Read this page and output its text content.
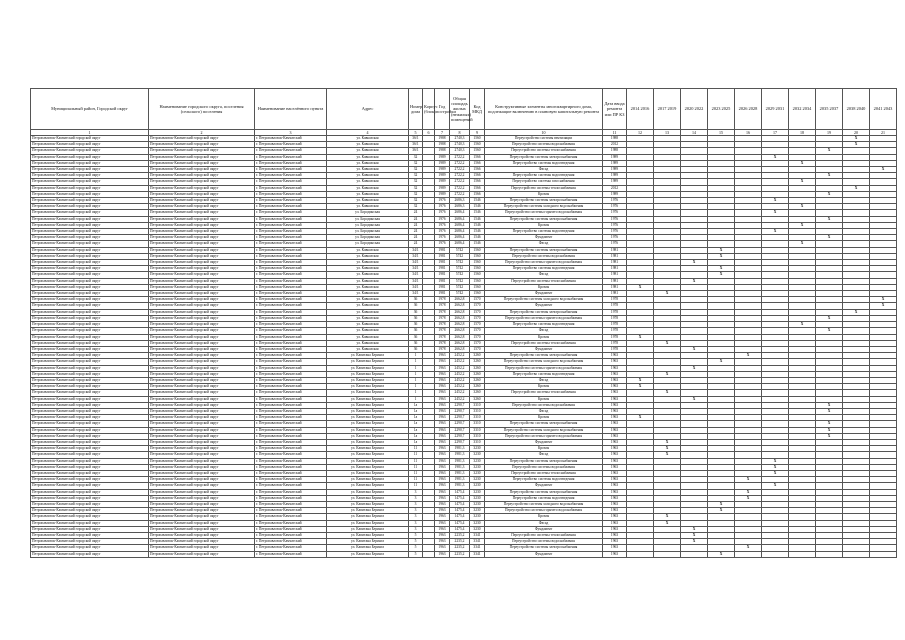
Муниципальный район, Городской округ	Наименование городского округа, поселения (сельского) поселения	Наименование населённого пункта	Адрес	Номер дома	Корпус (блок)	Год постройки	Общая площадь жилых (нежилых) помещений	Код МКД	Конструктивные элементы многоквартирного дома, подлежащие включению в плановую капитальную ремонта	Дата ввода ремонта или ПР КЗ	2014 2016	2017 2019	2020 2022	2023 2025	2026 2028	2029 2031	2032 2034	2035 2037	2038 2040	2041 2043
1	2	3	4	5	6	7	8	9	10	11	12	13	14	15	16	17	18	19	20	21
Петропавловск-Камчатский городской округ	Петропавловск-Камчатский городской округ	г. Петропавловск-Камчатский	ул. Кавказская	36/1		1988	2740,3	1560	Переустройство системы вентиляции	1988									X	
Петропавловск-Камчатский городской округ	Петропавловск-Камчатский городской округ	г. Петропавловск-Камчатский	ул. Кавказская	36/1		1988	2740,3	1560	Переустройство системы водоснабжения	2012									X	
Петропавловск-Камчатский городской округ	Петропавловск-Камчатский городской округ	г. Петропавловск-Камчатский	ул. Кавказская	36/1		1988	2740,3	1560	Переустройство системы теплоснабжения	1988								X		
Петропавловск-Камчатский городской округ	Петропавловск-Камчатский городской округ	г. Петропавловск-Камчатский	ул. Кавказская	32		1989	2722,2	1566	Переустройство системы электроснабжения	1989						X				
Петропавловск-Камчатский городской округ	Петропавловск-Камчатский городской округ	г. Петропавловск-Камчатский	ул. Кавказская	32		1989	2722,2	1566	Переустройство системы водоотведения	1989							X			
Петропавловск-Камчатский городской округ	Петропавловск-Камчатский городской округ	г. Петропавловск-Камчатский	ул. Кавказская	32		1989	2722,2	1566	Фасад	1989										X
Петропавловск-Камчатский городской округ	Петропавловск-Камчатский городской округ	г. Петропавловск-Камчатский	ул. Кавказская	32		1989	2722,2	1566	Переустройство системы водоотведения	1989								X		
Петропавловск-Камчатский городской округ	Петропавловск-Камчатский городской округ	г. Петропавловск-Камчатский	ул. Кавказская	32		1989	2722,2	1566	Переустройство системы газоснабжения	1989							X			
Петропавловск-Камчатский городской округ	Петропавловск-Камчатский городской округ	г. Петропавловск-Камчатский	ул. Кавказская	32		1989	2722,2	1566	Переустройство системы теплоснабжения	2012									X	
Петропавловск-Камчатский городской округ	Петропавловск-Камчатский городской округ	г. Петропавловск-Камчатский	ул. Кавказская	32		1989	2722,2	1566	Кровля	1989								X		
Петропавловск-Камчатский городской округ	Петропавловск-Камчатский городской округ	г. Петропавловск-Камчатский	ул. Кавказская	32		1976	2686,3	1546	Переустройство системы электроснабжения	1976						X				
Петропавловск-Камчатский городской округ	Петропавловск-Камчатский городской округ	г. Петропавловск-Камчатский	ул. Кавказская	32		1976	2686,3	1546	Переустройство системы холодного водоснабжения	1976							X			
Петропавловск-Камчатский городской округ	Петропавловск-Камчатский городской округ	г. Петропавловск-Камчатский	ул. Бородинская	24		1976	2686,4	1546	Переустройство системы горячего водоснабжения	1976						X				
Петропавловск-Камчатский городской округ	Петропавловск-Камчатский городской округ	г. Петропавловск-Камчатский	ул. Бородинская	24		1976	2686,4	1546	Переустройство системы электроснабжения	1976								X		
Петропавловск-Камчатский городской округ	Петропавловск-Камчатский городской округ	г. Петропавловск-Камчатский	ул. Бородинская	24		1976	2686,4	1546	Кровля	1976							X			
Петропавловск-Камчатский городской округ	Петропавловск-Камчатский городской округ	г. Петропавловск-Камчатский	ул. Бородинская	24		1976	2686,4	1546	Переустройство системы водоотведения	1976						X				
Петропавловск-Камчатский городской округ	Петропавловск-Камчатский городской округ	г. Петропавловск-Камчатский	ул. Бородинская	24		1976	2686,4	1546	Фундамент	1976								X		
Петропавловск-Камчатский городской округ	Петропавловск-Камчатский городской округ	г. Петропавловск-Камчатский	ул. Бородинская	24		1976	2686,4	1546	Фасад	1976							X			
Петропавловск-Камчатский городской округ	Петропавловск-Камчатский городской округ	г. Петропавловск-Камчатский	ул. Кавказская	34/1		1981	5742	1560	Переустройство системы электроснабжения	1981				X						
Петропавловск-Камчатский городской округ	Петропавловск-Камчатский городской округ	г. Петропавловск-Камчатский	ул. Кавказская	34/1		1981	5742	1560	Переустройство системы водоснабжения	1981				X						
Петропавловск-Камчатский городской округ	Петропавловск-Камчатский городской округ	г. Петропавловск-Камчатский	ул. Кавказская	34/1		1981	5742	1560	Переустройство системы горячего водоснабжения	1981			X							
Петропавловск-Камчатский городской округ	Петропавловск-Камчатский городской округ	г. Петропавловск-Камчатский	ул. Кавказская	34/1		1981	5742	1560	Переустройство системы водоотведения	1981				X						
Петропавловск-Камчатский городской округ	Петропавловск-Камчатский городской округ	г. Петропавловск-Камчатский	ул. Кавказская	34/1		1981	5742	1560	Фасад	1981				X						
Петропавловск-Камчатский городской округ	Петропавловск-Камчатский городской округ	г. Петропавловск-Камчатский	ул. Кавказская	34/1		1981	5742	1560	Переустройство системы теплоснабжения	1981			X							
Петропавловск-Камчатский городской округ	Петропавловск-Камчатский городской округ	г. Петропавловск-Камчатский	ул. Кавказская	34/1		1981	5742	1560	Кровля	1981	X									
Петропавловск-Камчатский городской округ	Петропавловск-Камчатский городской округ	г. Петропавловск-Камчатский	ул. Кавказская	34/1		1981	5742	1560	Фундамент	1981		X								
Петропавловск-Камчатский городской округ	Петропавловск-Камчатский городской округ	г. Петропавловск-Камчатский	ул. Кавказская	36		1978	2662,8	1570	Переустройство системы холодного водоснабжения	1978										X
Петропавловск-Камчатский городской округ	Петропавловск-Камчатский городской округ	г. Петропавловск-Камчатский	ул. Кавказская	36		1978	2662,8	1570	Фундамент	1978										X
Петропавловск-Камчатский городской округ	Петропавловск-Камчатский городской округ	г. Петропавловск-Камчатский	ул. Кавказская	36		1978	2662,8	1570	Переустройство системы электроснабжения	1978									X	
Петропавловск-Камчатский городской округ	Петропавловск-Камчатский городской округ	г. Петропавловск-Камчатский	ул. Кавказская	36		1978	2662,8	1570	Переустройство системы горячего водоснабжения	1978								X		
Петропавловск-Камчатский городской округ	Петропавловск-Камчатский городской округ	г. Петропавловск-Камчатский	ул. Кавказская	36		1978	2662,8	1570	Переустройство системы водоотведения	1978							X			
Петропавловск-Камчатский городской округ	Петропавловск-Камчатский городской округ	г. Петропавловск-Камчатский	ул. Кавказская	36		1978	2662,8	1570	Фасад	1978								X		
Петропавловск-Камчатский городской округ	Петропавловск-Камчатский городской округ	г. Петропавловск-Камчатский	ул. Кавказская	36		1978	2662,8	1570	Кровля	1978	X									
Петропавловск-Камчатский городской округ	Петропавловск-Камчатский городской округ	г. Петропавловск-Камчатский	ул. Кавказская	36		1978	2662,8	1570	Переустройство системы теплоснабжения	1978		X								
Петропавловск-Камчатский городской округ	Петропавловск-Камчатский городской округ	г. Петропавловск-Камчатский	ул. Кавказская	36		1978	2662,8	1570	Фундамент	1978			X							
Петропавловск-Камчатский городской округ	Петропавловск-Камчатский городской округ	г. Петропавловск-Камчатский	ул. Капитана Беринга	1		1963	2452,2	3260	Переустройство системы электроснабжения	1963					X					
Петропавловск-Камчатский городской округ	Петропавловск-Камчатский городской округ	г. Петропавловск-Камчатский	ул. Капитана Беринга	1		1963	2452,2	3260	Переустройство системы холодного водоснабжения	1963				X						
Петропавловск-Камчатский городской округ	Петропавловск-Камчатский городской округ	г. Петропавловск-Камчатский	ул. Капитана Беринга	1		1963	2452,2	3260	Переустройство системы горячего водоснабжения	1963			X							
Петропавловск-Камчатский городской округ	Петропавловск-Камчатский городской округ	г. Петропавловск-Камчатский	ул. Капитана Беринга	1		1963	2452,2	3260	Переустройство системы водоотведения	1963		X								
Петропавловск-Камчатский городской округ	Петропавловск-Камчатский городской округ	г. Петропавловск-Камчатский	ул. Капитана Беринга	1		1963	2452,2	3260	Фасад	1963	X									
Петропавловск-Камчатский городской округ	Петропавловск-Камчатский городской округ	г. Петропавловск-Камчатский	ул. Капитана Беринга	1		1963	2452,2	3260	Кровля	1963	X									
Петропавловск-Камчатский городской округ	Петропавловск-Камчатский городской округ	г. Петропавловск-Камчатский	ул. Капитана Беринга	1		1963	2452,2	3260	Переустройство системы теплоснабжения	1963		X								
Петропавловск-Камчатский городской округ	Петропавловск-Камчатский городской округ	г. Петропавловск-Камчатский	ул. Капитана Беринга	1		1963	2452,2	3260	Кровля	1963			X							
Петропавловск-Камчатский городской округ	Петропавловск-Камчатский городской округ	г. Петропавловск-Камчатский	ул. Капитана Беринга	1а		1963	2290,7	3310	Переустройство системы водоснабжения	1963								X		
Петропавловск-Камчатский городской округ	Петропавловск-Камчатский городской округ	г. Петропавловск-Камчатский	ул. Капитана Беринга	1а		1963	2290,7	3310	Фасад	1963								X		
Петропавловск-Камчатский городской округ	Петропавловск-Камчатский городской округ	г. Петропавловск-Камчатский	ул. Капитана Беринга	1а		1963	2290,7	3310	Кровля	1963	X									
Петропавловск-Камчатский городской округ	Петропавловск-Камчатский городской округ	г. Петропавловск-Камчатский	ул. Капитана Беринга	1а		1963	2290,7	3310	Переустройство системы электроснабжения	1963								X		
Петропавловск-Камчатский городской округ	Петропавловск-Камчатский городской округ	г. Петропавловск-Камчатский	ул. Капитана Беринга	1а		1963	2290,7	3310	Переустройство системы холодного водоснабжения	1963								X		
Петропавловск-Камчатский городской округ	Петропавловск-Камчатский городской округ	г. Петропавловск-Камчатский	ул. Капитана Беринга	1а		1963	2290,7	3310	Переустройство системы горячего водоснабжения	1963								X		
Петропавловск-Камчатский городской округ	Петропавловск-Камчатский городской округ	г. Петропавловск-Камчатский	ул. Капитана Беринга	1а		1963	2290,7	3310	Фундамент	1963		X								
Петропавловск-Камчатский городской округ	Петропавловск-Камчатский городской округ	г. Петропавловск-Камчатский	ул. Капитана Беринга	11		1963	1981,3	3230	Кровля	1963		X								
Петропавловск-Камчатский городской округ	Петропавловск-Камчатский городской округ	г. Петропавловск-Камчатский	ул. Капитана Беринга	11		1963	1981,3	3230	Фасад	1963		X								
Петропавловск-Камчатский городской округ	Петропавловск-Камчатский городской округ	г. Петропавловск-Камчатский	ул. Капитана Беринга	11		1963	1981,3	3230	Переустройство системы электроснабжения	1963						X				
Петропавловск-Камчатский городской округ	Петропавловск-Камчатский городской округ	г. Петропавловск-Камчатский	ул. Капитана Беринга	11		1963	1981,3	3230	Переустройство системы водоснабжения	1963						X				
Петропавловск-Камчатский городской округ	Петропавловск-Камчатский городской округ	г. Петропавловск-Камчатский	ул. Капитана Беринга	11		1963	1981,3	3230	Переустройство системы теплоснабжения	1963						X				
Петропавловск-Камчатский городской округ	Петропавловск-Камчатский городской округ	г. Петропавловск-Камчатский	ул. Капитана Беринга	11		1963	1981,3	3230	Переустройство системы водоотведения	1963					X					
Петропавловск-Камчатский городской округ	Петропавловск-Камчатский городской округ	г. Петропавловск-Камчатский	ул. Капитана Беринга	11		1963	1981,3	3230	Фундамент	1963						X				
Петропавловск-Камчатский городской округ	Петропавловск-Камчатский городской округ	г. Петропавловск-Камчатский	ул. Капитана Беринга	3		1963	1475,4	3230	Переустройство системы электроснабжения	1963					X					
Петропавловск-Камчатский городской округ	Петропавловск-Камчатский городской округ	г. Петропавловск-Камчатский	ул. Капитана Беринга	3		1963	1475,4	3230	Переустройство системы водоотведения	1963					X					
Петропавловск-Камчатский городской округ	Петропавловск-Камчатский городской округ	г. Петропавловск-Камчатский	ул. Капитана Беринга	3		1963	1475,4	3230	Переустройство системы холодного водоснабжения	1963				X						
Петропавловск-Камчатский городской округ	Петропавловск-Камчатский городской округ	г. Петропавловск-Камчатский	ул. Капитана Беринга	3		1963	1475,4	3230	Переустройство системы горячего водоснабжения	1963				X						
Петропавловск-Камчатский городской округ	Петропавловск-Камчатский городской округ	г. Петропавловск-Камчатский	ул. Капитана Беринга	3		1963	1475,4	3230	Кровля	1963		X								
Петропавловск-Камчатский городской округ	Петропавловск-Камчатский городской округ	г. Петропавловск-Камчатский	ул. Капитана Беринга	3		1963	1475,4	3230	Фасад	1963		X								
Петропавловск-Камчатский городской округ	Петропавловск-Камчатский городской округ	г. Петропавловск-Камчатский	ул. Капитана Беринга	3		1963	1475,4	3230	Фундамент	1963			X							
Петропавловск-Камчатский городской округ	Петропавловск-Камчатский городской округ	г. Петропавловск-Камчатский	ул. Капитана Беринга	5		1963	2235,2	3341	Переустройство системы теплоснабжения	1963			X							
Петропавловск-Камчатский городской округ	Петропавловск-Камчатский городской округ	г. Петропавловск-Камчатский	ул. Капитана Беринга	5		1963	2235,2	3341	Переустройство системы водоснабжения	1963			X							
Петропавловск-Камчатский городской округ	Петропавловск-Камчатский городской округ	г. Петропавловск-Камчатский	ул. Капитана Беринга	5		1963	2235,2	3341	Переустройство системы электроснабжения	1963					X					
Петропавловск-Камчатский городской округ	Петропавловск-Камчатский городской округ	г. Петропавловск-Камчатский	ул. Капитана Беринга	5		1963	2235,2	3341	Фундамент	1963				X						
